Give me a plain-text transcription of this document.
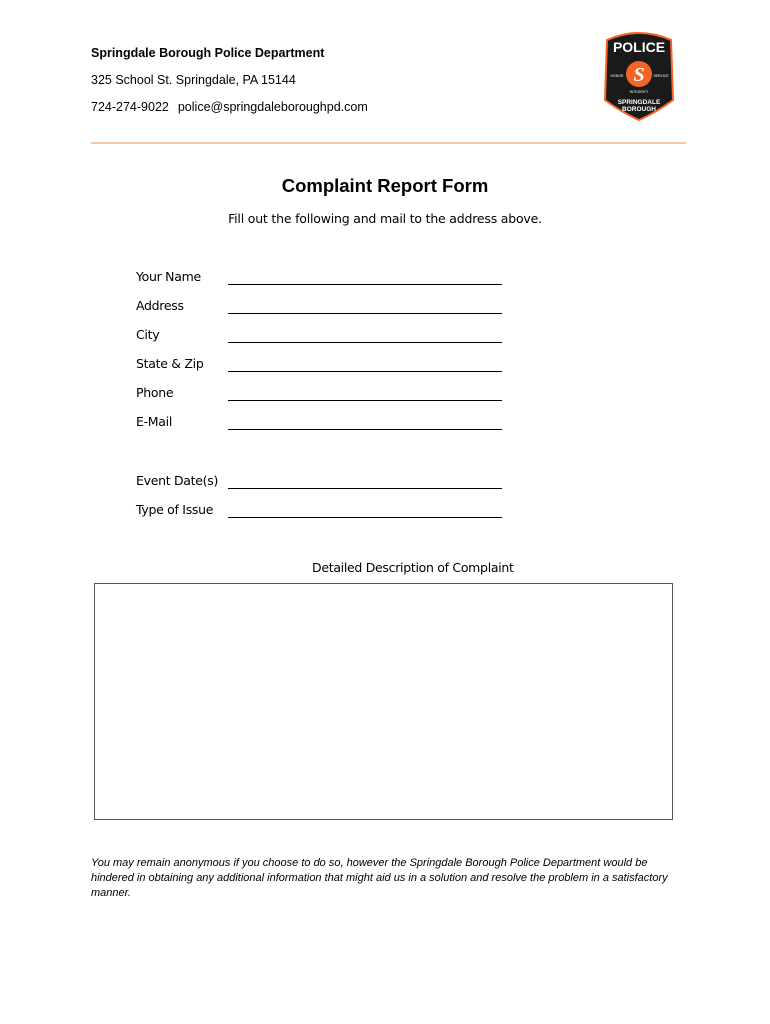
Springdale Borough Police Department
325 School St. Springdale, PA 15144
724-274-9022 police@springdaleboroughpd.com
POLICE
S
HONOR	SERVICE
INTEGRITY
SPRINGDALE
BOROUGH
Complaint Report Form
Fill out the following and mail to the address above.
Your Name
Address
City
State & Zip
Phone
E-Mail
Event Date(s)
Type of Issue
Detailed Description of Complaint
You may remain anonymous if you choose to do so, however the Springdale Borough Police Department would be hindered in obtaining any additional information that might aid us in a solution and resolve the problem in a satisfactory manner.
